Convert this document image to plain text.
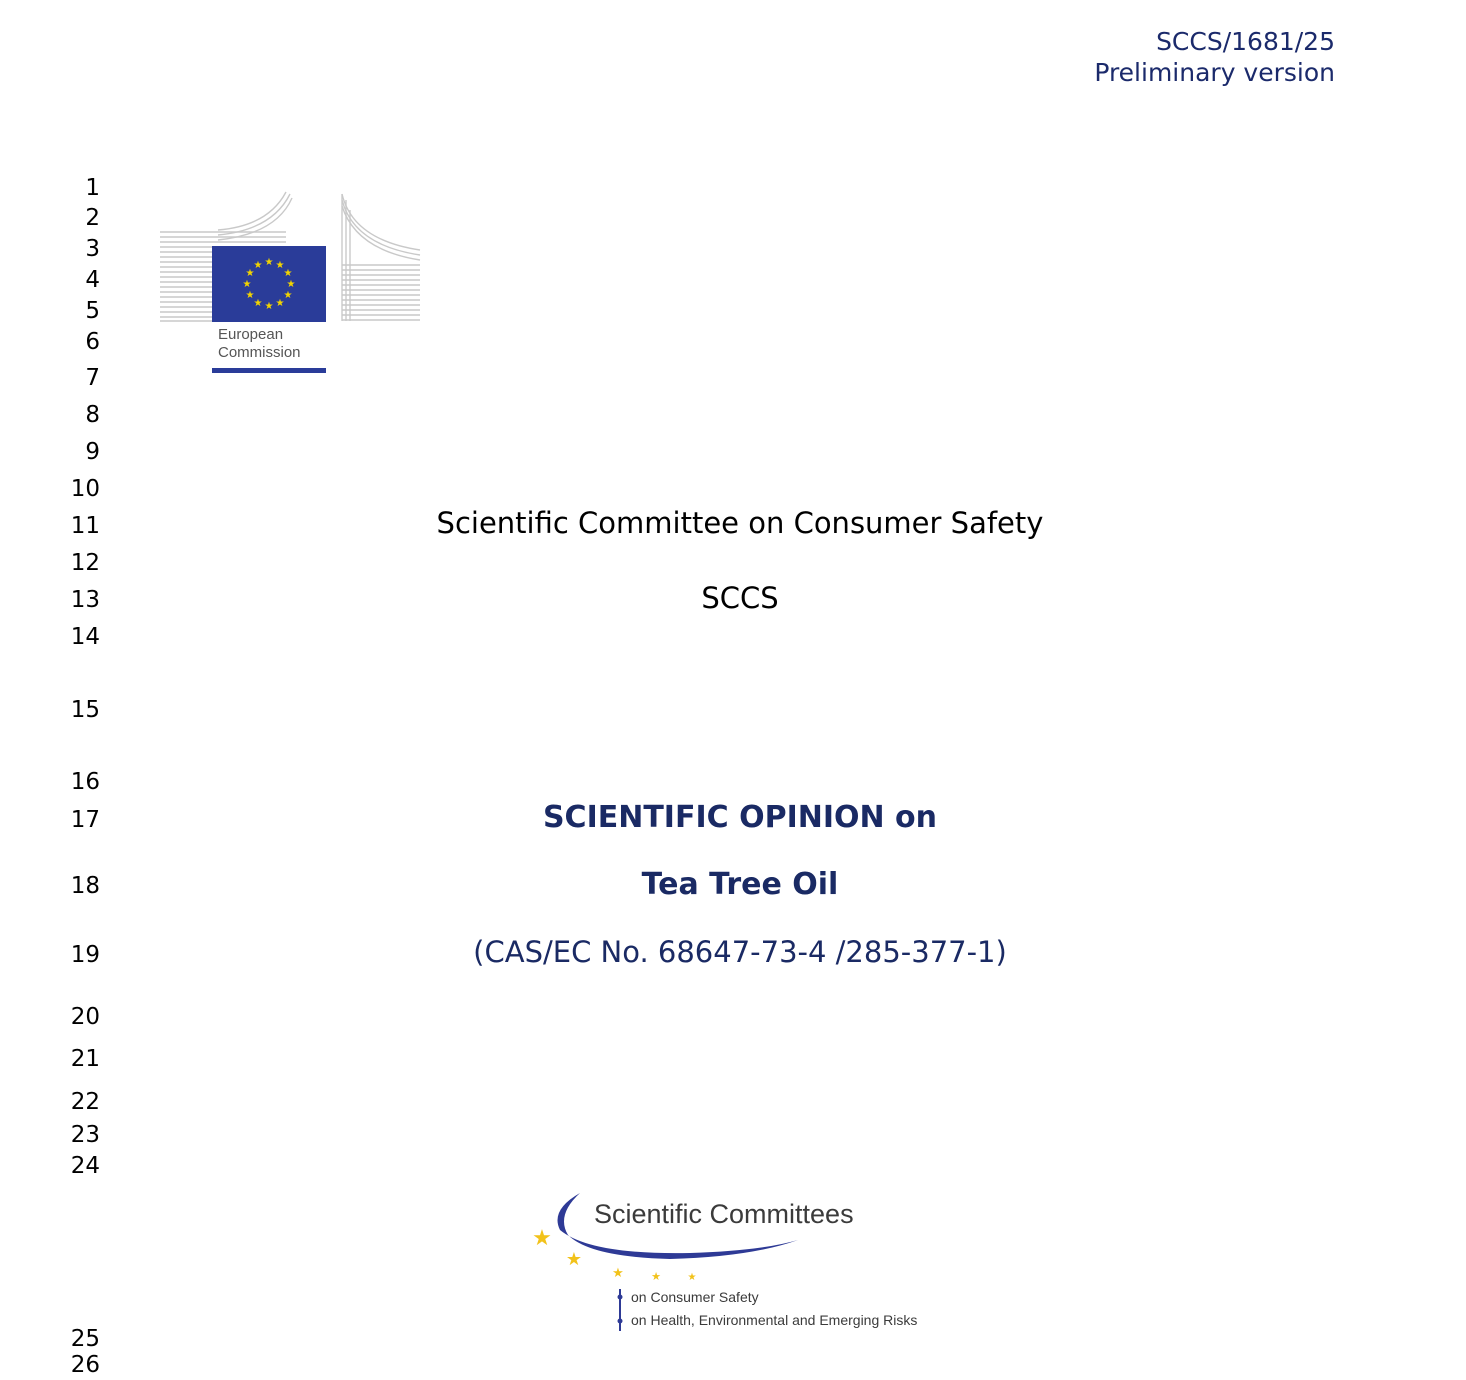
SCCS/1681/25
Preliminary version
1
2
3
4
5
6
7
8
9
10
11
12
13
14
15
16
17
18
19
20
21
22
23
24
25
26
★ ★
★
★
★
★
★
★
★
★
★
★
European
Commission
Scientific Committee on Consumer Safety
SCCS
SCIENTIFIC OPINION on
Tea Tree Oil
(CAS/EC No. 68647-73-4 /285-377-1)
★
★
★ ★	★
Scientific Committees
on Consumer Safety
on Health, Environmental and Emerging Risks
